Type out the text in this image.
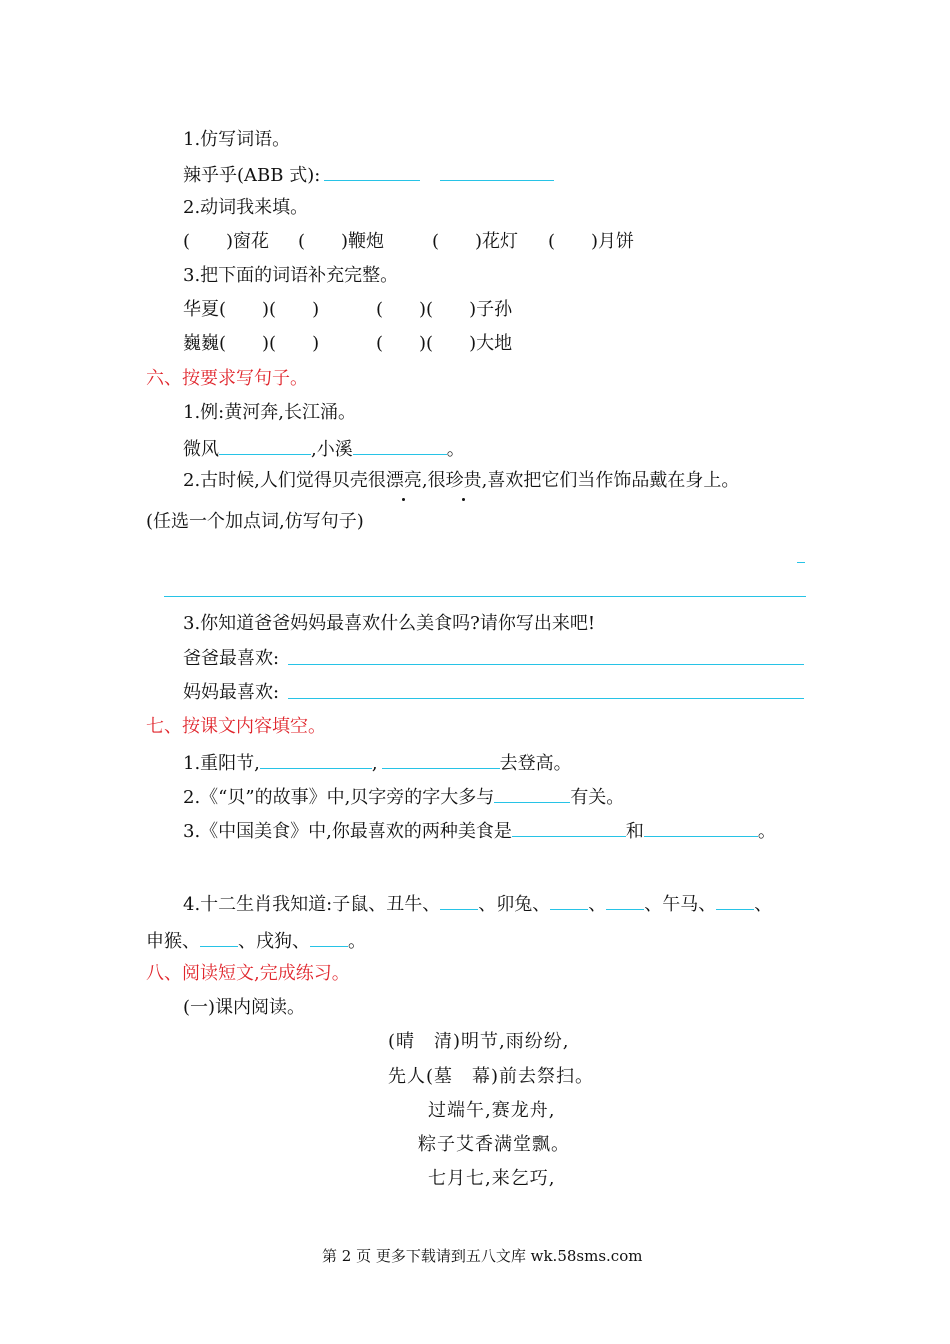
1.仿写词语。
辣乎乎(ABB 式):
2.动词我来填。
(　　)窗花 (　　)鞭炮	(　　)花灯 (　　)月饼
3.把下面的词语补充完整。
华夏(　　)(　　)	(　　)(　　)子孙
巍巍(　　)(　　)	(　　)(　　)大地
六、按要求写句子。
1.例:黄河奔,长江涌。
微风	,小溪	。
2.古时候,人们觉得贝壳很漂亮,很珍贵,喜欢把它们当作饰品戴在身上。
(任选一个加点词,仿写句子)
3.你知道爸爸妈妈最喜欢什么美食吗?请你写出来吧!
爸爸最喜欢:
妈妈最喜欢:
七、按课文内容填空。
1.重阳节,	,	去登高。
2.《“贝”的故事》中,贝字旁的字大多与	有关。
3.《中国美食》中,你最喜欢的两种美食是	和	。
4.十二生肖我知道:子鼠、丑牛、 、卯兔、 、 、午马、 、
申猴、 、戌狗、 。
八、阅读短文,完成练习。
(一)课内阅读。
(晴　清)明节,雨纷纷,
先人(墓　幕)前去祭扫。
过端午,赛龙舟,
粽子艾香满堂飘。
七月七,来乞巧,
第 2 页 更多下载请到五八文库 wk.58sms.com
